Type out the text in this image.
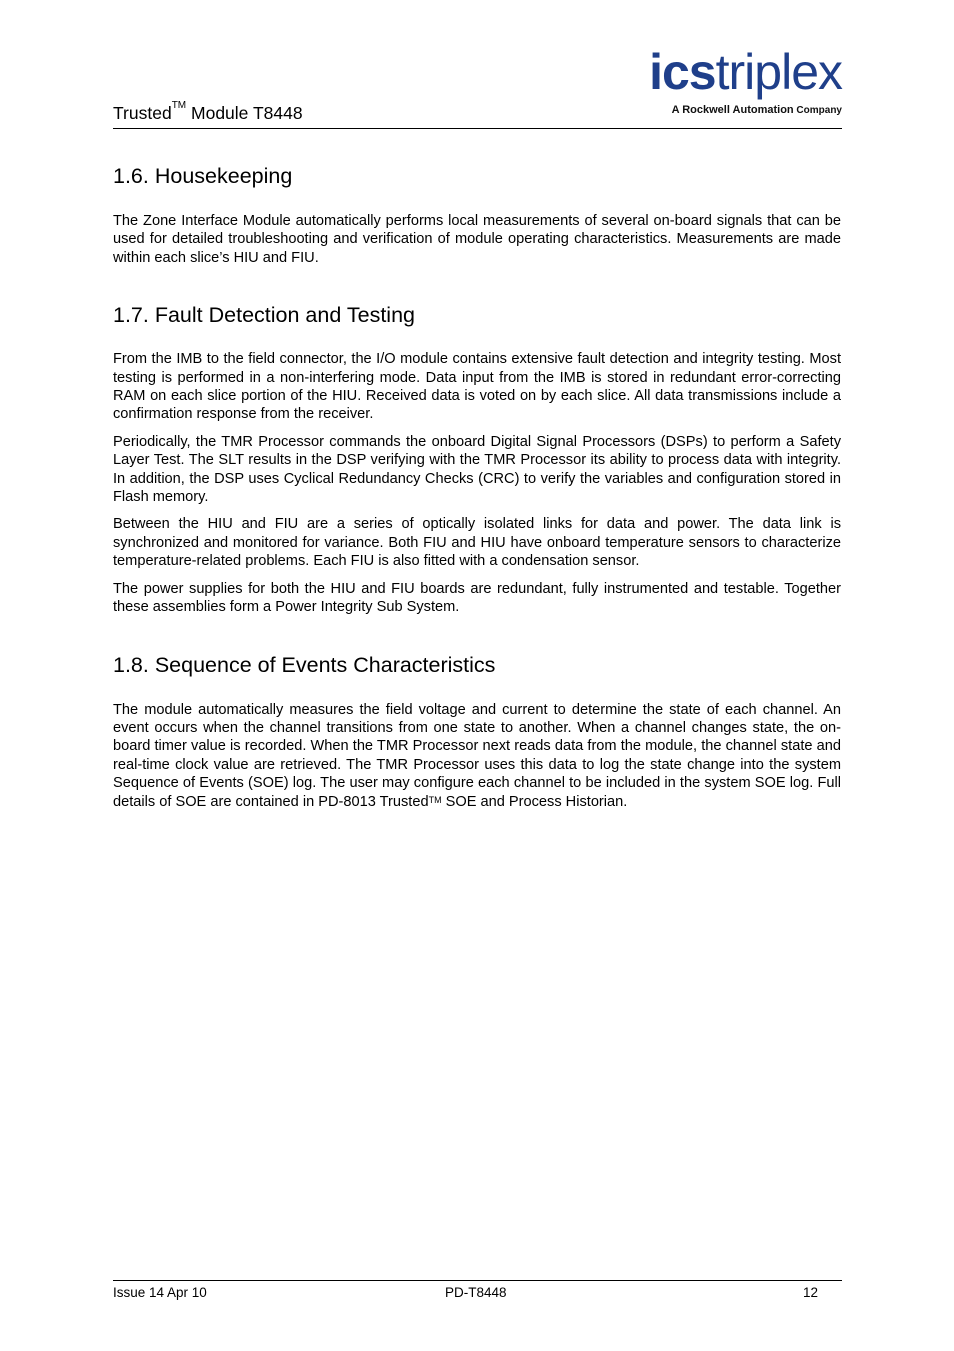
Trusted™ Module T8448
icstriplex
A Rockwell Automation Company
1.6. Housekeeping

The Zone Interface Module automatically performs local measurements of several on-board signals that can be used for detailed troubleshooting and verification of module operating characteristics. Measurements are made within each slice’s HIU and FIU.

1.7. Fault Detection and Testing

From the IMB to the field connector, the I/O module contains extensive fault detection and integrity testing. Most testing is performed in a non-interfering mode. Data input from the IMB is stored in redundant error-correcting RAM on each slice portion of the HIU. Received data is voted on by each slice. All data transmissions include a confirmation response from the receiver.

Periodically, the TMR Processor commands the onboard Digital Signal Processors (DSPs) to perform a Safety Layer Test. The SLT results in the DSP verifying with the TMR Processor its ability to process data with integrity. In addition, the DSP uses Cyclical Redundancy Checks (CRC) to verify the variables and configuration stored in Flash memory.

Between the HIU and FIU are a series of optically isolated links for data and power. The data link is synchronized and monitored for variance. Both FIU and HIU have onboard temperature sensors to characterize temperature-related problems. Each FIU is also fitted with a condensation sensor.

The power supplies for both the HIU and FIU boards are redundant, fully instrumented and testable. Together these assemblies form a Power Integrity Sub System.

1.8. Sequence of Events Characteristics

The module automatically measures the field voltage and current to determine the state of each channel. An event occurs when the channel transitions from one state to another. When a channel changes state, the on-board timer value is recorded. When the TMR Processor next reads data from the module, the channel state and real-time clock value are retrieved. The TMR Processor uses this data to log the state change into the system Sequence of Events (SOE) log. The user may configure each channel to be included in the system SOE log. Full details of SOE are contained in PD-8013 Trusted™ SOE and Process Historian.

Issue 14 Apr 10	PD-T8448	12
